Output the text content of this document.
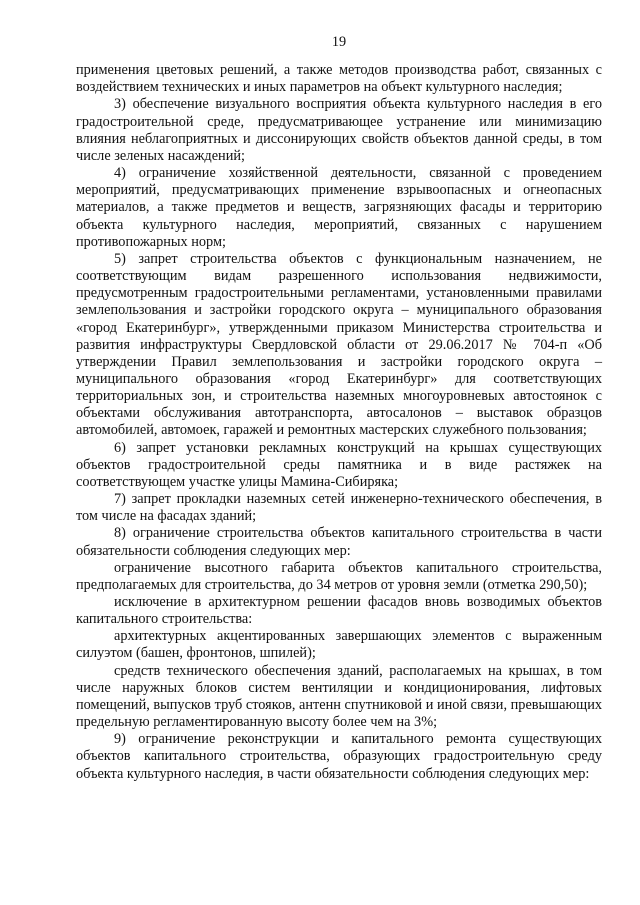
19

применения цветовых решений, а также методов производства работ, связанных с воздействием технических и иных параметров на объект культурного наследия;

3) обеспечение визуального восприятия объекта культурного наследия в его градостроительной среде, предусматривающее устранение или минимизацию влияния неблагоприятных и диссонирующих свойств объектов данной среды, в том числе зеленых насаждений;

4) ограничение хозяйственной деятельности, связанной с проведением мероприятий, предусматривающих применение взрывоопасных и огнеопасных материалов, а также предметов и веществ, загрязняющих фасады и территорию объекта культурного наследия, мероприятий, связанных с нарушением противопожарных норм;

5) запрет строительства объектов с функциональным назначением, не соответствующим видам разрешенного использования недвижимости, предусмотренным градостроительными регламентами, установленными правилами землепользования и застройки городского округа – муниципального образования «город Екатеринбург», утвержденными приказом Министерства строительства и развития инфраструктуры Свердловской области от 29.06.2017 № 704-п «Об утверждении Правил землепользования и застройки городского округа – муниципального образования «город Екатеринбург» для соответствующих территориальных зон, и строительства наземных многоуровневых автостоянок с объектами обслуживания автотранспорта, автосалонов – выставок образцов автомобилей, автомоек, гаражей и ремонтных мастерских служебного пользования;

6) запрет установки рекламных конструкций на крышах существующих объектов градостроительной среды памятника и в виде растяжек на соответствующем участке улицы Мамина-Сибиряка;

7) запрет прокладки наземных сетей инженерно-технического обеспечения, в том числе на фасадах зданий;

8) ограничение строительства объектов капитального строительства в части обязательности соблюдения следующих мер:

ограничение высотного габарита объектов капитального строительства, предполагаемых для строительства, до 34 метров от уровня земли (отметка 290,50);

исключение в архитектурном решении фасадов вновь возводимых объектов капитального строительства:

архитектурных акцентированных завершающих элементов с выраженным силуэтом (башен, фронтонов, шпилей);

средств технического обеспечения зданий, располагаемых на крышах, в том числе наружных блоков систем вентиляции и кондиционирования, лифтовых помещений, выпусков труб стояков, антенн спутниковой и иной связи, превышающих предельную регламентированную высоту более чем на 3%;

9) ограничение реконструкции и капитального ремонта существующих объектов капитального строительства, образующих градостроительную среду объекта культурного наследия, в части обязательности соблюдения следующих мер:
